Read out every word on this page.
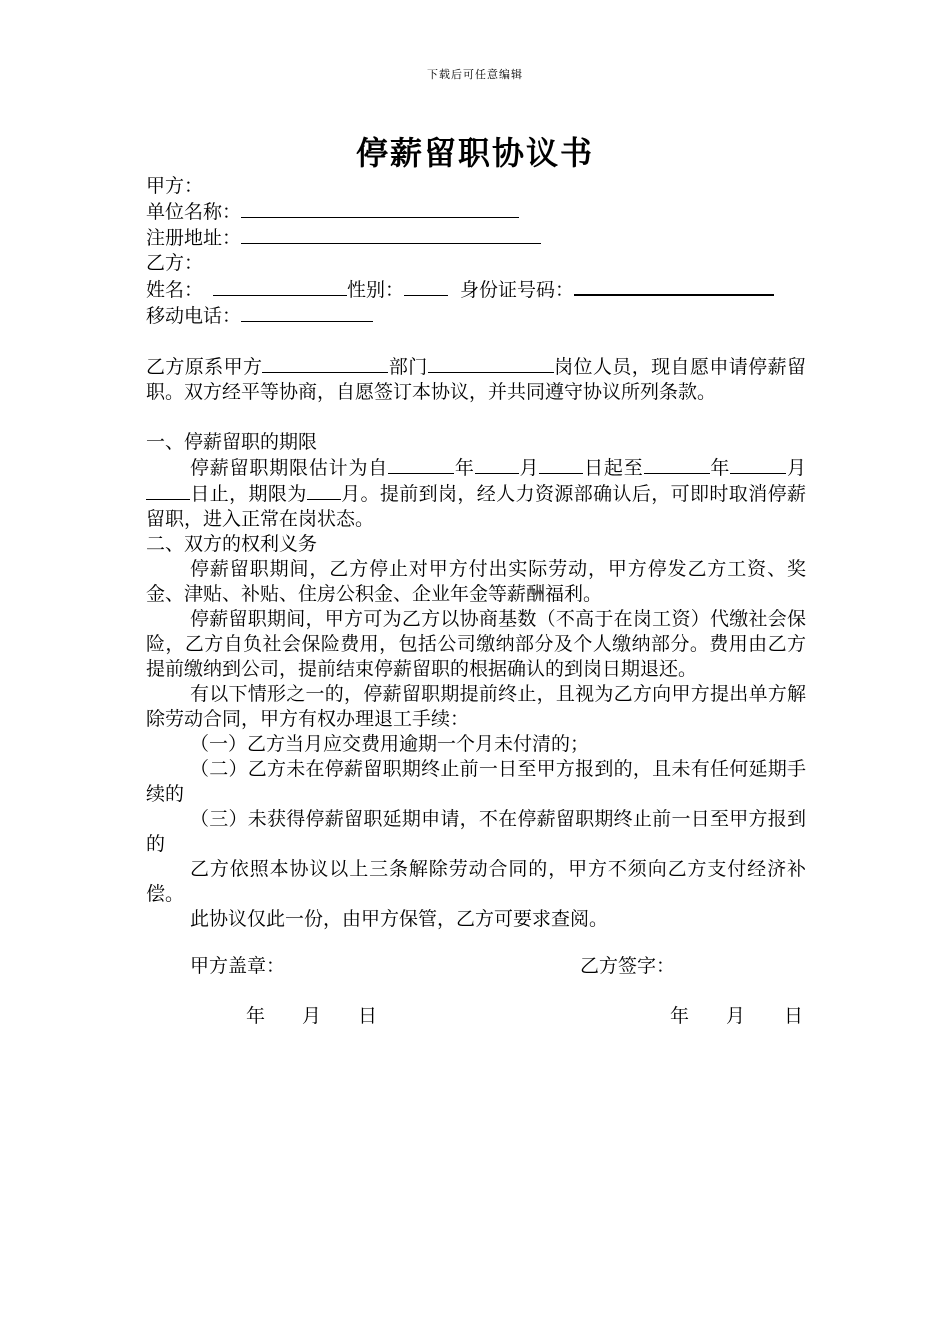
下载后可任意编辑
停薪留职协议书
甲方：
单位名称：
注册地址：
乙方：
姓名：	性别：	身份证号码：
移动电话：
乙方原系甲方	部门	岗位人员，现自愿申请停薪留职。双方经平等协商，自愿签订本协议，并共同遵守协议所列条款。
一、停薪留职的期限
停薪留职期限估计为自	年 月 日起至	年	月日止，期限为 月。提前到岗，经人力资源部确认后，可即时取消停薪留职，进入正常在岗状态。
二、双方的权利义务
停薪留职期间，乙方停止对甲方付出实际劳动，甲方停发乙方工资、奖金、津贴、补贴、住房公积金、企业年金等薪酬福利。
停薪留职期间，甲方可为乙方以协商基数（不高于在岗工资）代缴社会保险，乙方自负社会保险费用，包括公司缴纳部分及个人缴纳部分。费用由乙方提前缴纳到公司，提前结束停薪留职的根据确认的到岗日期退还。
有以下情形之一的，停薪留职期提前终止，且视为乙方向甲方提出单方解除劳动合同，甲方有权办理退工手续：
（一）乙方当月应交费用逾期一个月未付清的；
（二）乙方未在停薪留职期终止前一日至甲方报到的，且未有任何延期手续的
（三）未获得停薪留职延期申请，不在停薪留职期终止前一日至甲方报到的
乙方依照本协议以上三条解除劳动合同的，甲方不须向乙方支付经济补偿。
此协议仅此一份，由甲方保管，乙方可要求查阅。
甲方盖章：	乙方签字：
年 月 日	年 月 日
